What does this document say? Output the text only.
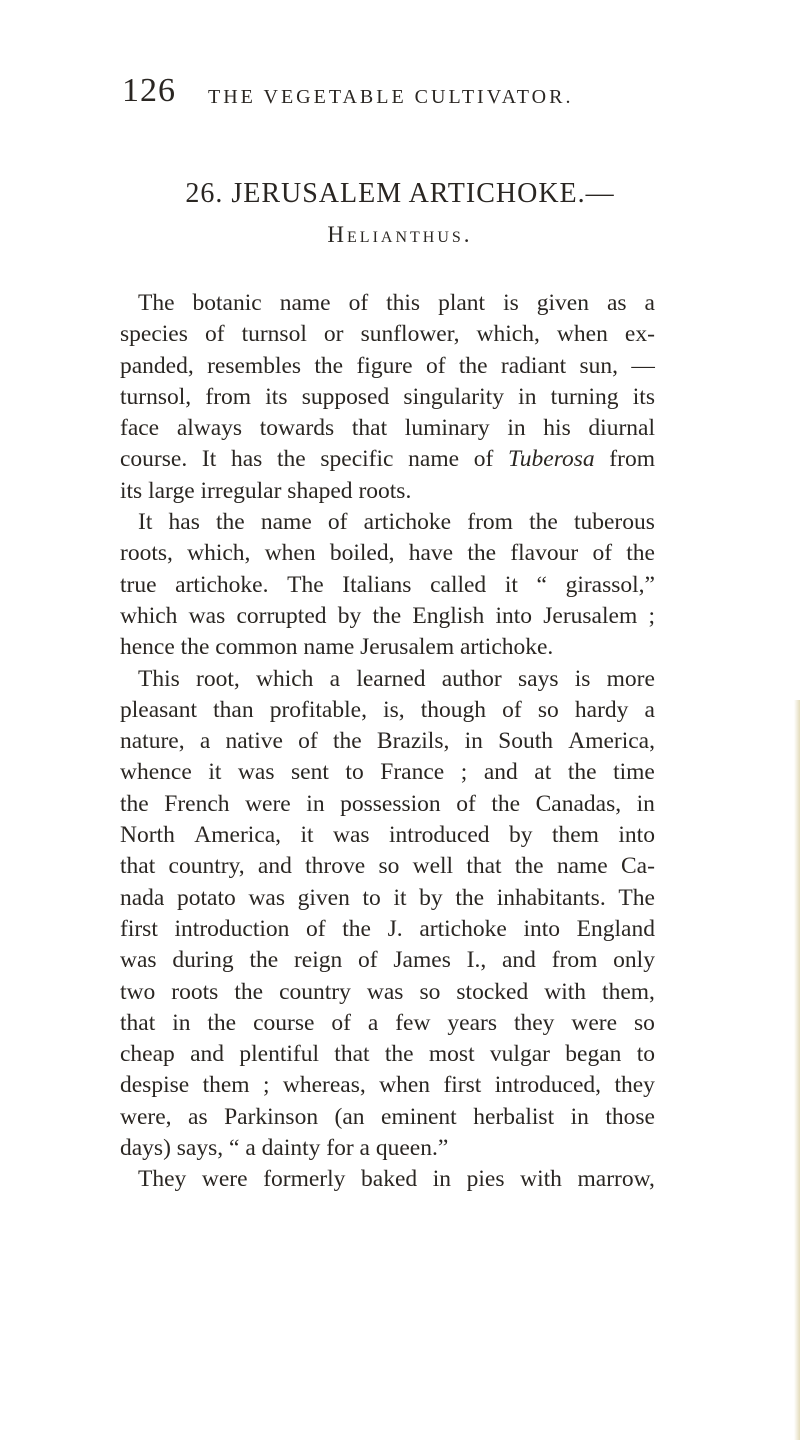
126 THE VEGETABLE CULTIVATOR.
26. JERUSALEM ARTICHOKE.—
Helianthus.
The botanic name of this plant is given as a
species of turnsol or sunflower, which, when ex-
panded, resembles the figure of the radiant sun, —
turnsol, from its supposed singularity in turning its
face always towards that luminary in his diurnal
course. It has the specific name of Tuberosa from
its large irregular shaped roots.
It has the name of artichoke from the tuberous
roots, which, when boiled, have the flavour of the
true artichoke. The Italians called it “ girassol,”
which was corrupted by the English into Jerusalem ;
hence the common name Jerusalem artichoke.
This root, which a learned author says is more
pleasant than profitable, is, though of so hardy a
nature, a native of the Brazils, in South America,
whence it was sent to France ; and at the time
the French were in possession of the Canadas, in
North America, it was introduced by them into
that country, and throve so well that the name Ca-
nada potato was given to it by the inhabitants. The
first introduction of the J. artichoke into England
was during the reign of James I., and from only
two roots the country was so stocked with them,
that in the course of a few years they were so
cheap and plentiful that the most vulgar began to
despise them ; whereas, when first introduced, they
were, as Parkinson (an eminent herbalist in those
days) says, “ a dainty for a queen.”
They were formerly baked in pies with marrow,
